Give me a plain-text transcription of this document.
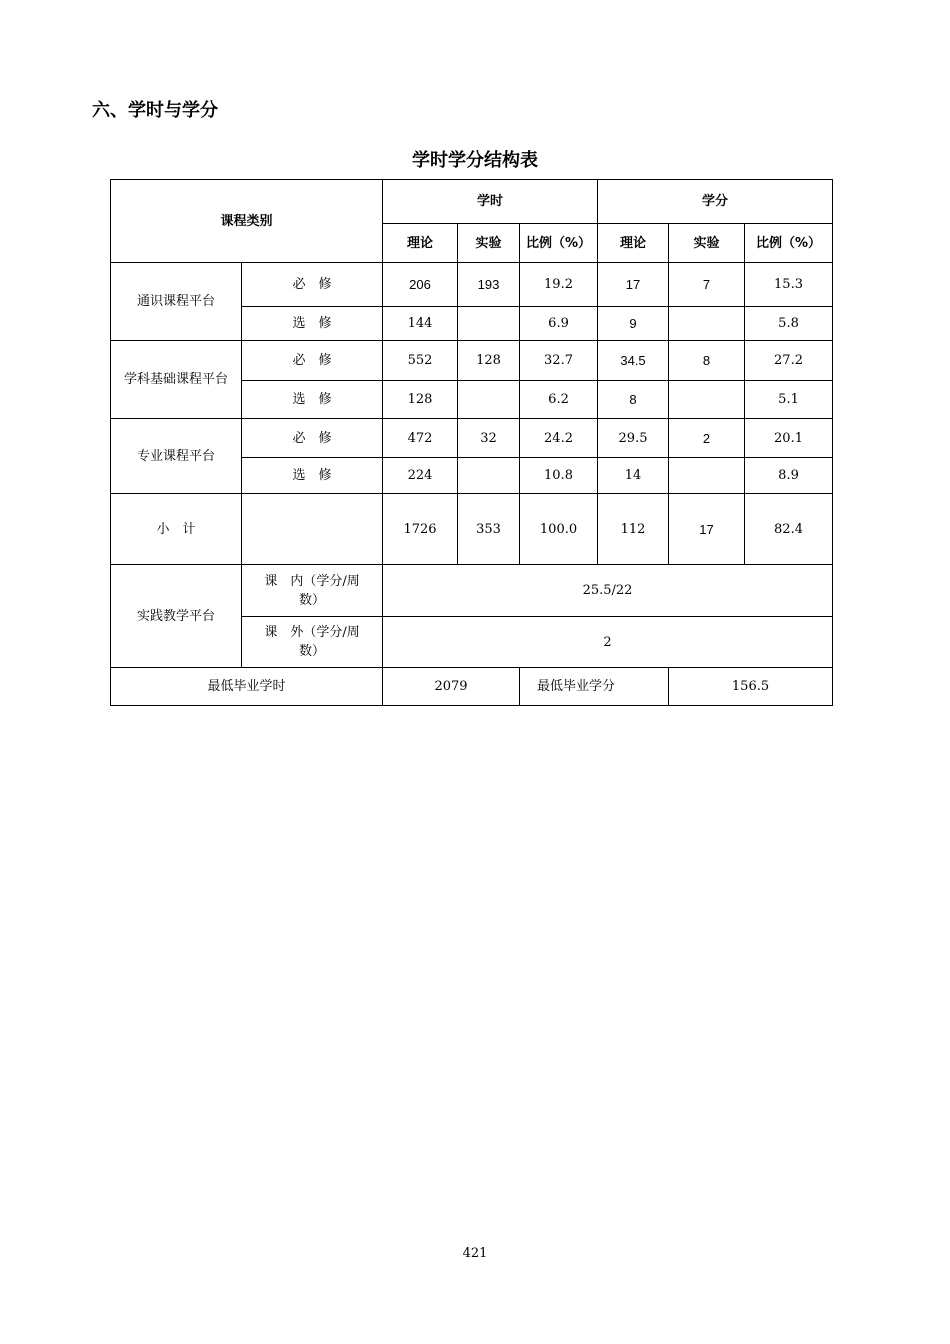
六、学时与学分
学时学分结构表
课程类别		学时			学分		
		理论	实验	比例（%）	理论	实验	比例（%）
通识课程平台	必　修	206	193	19.2	17	7	15.3
	选　修	144		6.9	9		5.8
学科基础课程平台	必　修	552	128	32.7	34.5	8	27.2
	选　修	128		6.2	8		5.1
专业课程平台	必　修	472	32	24.2	29.5	2	20.1
	选　修	224		10.8	14		8.9
小　计		1726	353	100.0	112	17	82.4
实践教学平台	课　内（学分/周数）	25.5/22					
	课　外（学分/周数）	2					
最低毕业学时		2079		最低毕业学分		156.5	
421
